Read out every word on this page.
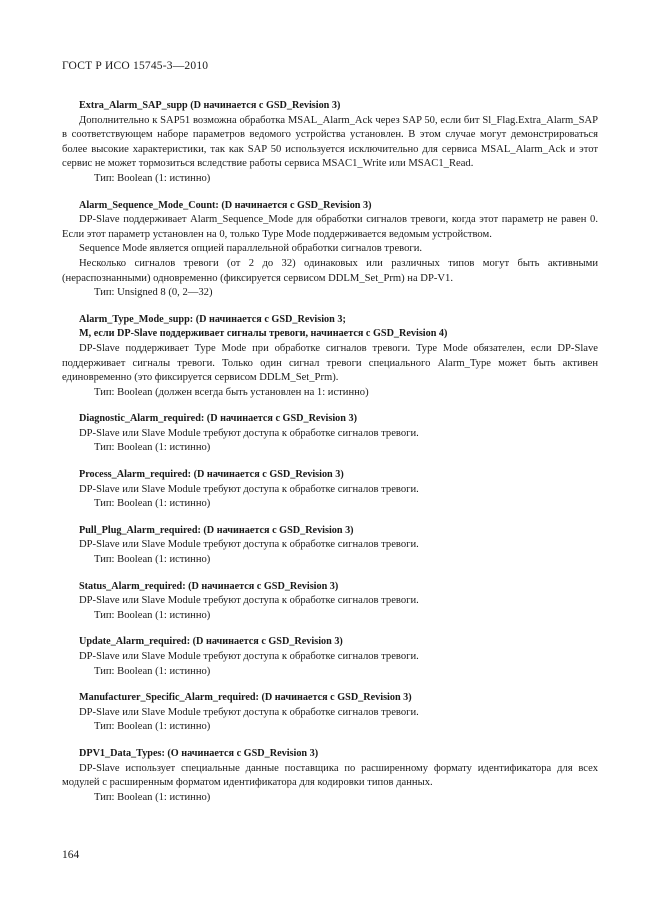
ГОСТ Р ИСО 15745-3—2010
Extra_Alarm_SAP_supp (D начинается с GSD_Revision 3)
Дополнительно к SAP51 возможна обработка MSAL_Alarm_Ack через SAP 50, если бит Sl_Flag.Extra_Alarm_SAP в соответствующем наборе параметров ведомого устройства установлен. В этом случае могут демонстрироваться более высокие характеристики, так как SAP 50 используется исключительно для сервиса MSAL_Alarm_Ack и этот сервис не может тормозиться вследствие работы сервиса MSAC1_Write или MSAC1_Read.
Тип: Boolean (1: истинно)
Alarm_Sequence_Mode_Count: (D начинается с GSD_Revision 3)
DP-Slave поддерживает Alarm_Sequence_Mode для обработки сигналов тревоги, когда этот параметр не равен 0. Если этот параметр установлен на 0, только Type Mode поддерживается ведомым устройством.
Sequence Mode является опцией параллельной обработки сигналов тревоги.
Несколько сигналов тревоги (от 2 до 32) одинаковых или различных типов могут быть активными (нераспознанными) одновременно (фиксируется сервисом DDLM_Set_Prm) на DP-V1.
Тип: Unsigned 8 (0, 2—32)
Alarm_Type_Mode_supp: (D начинается с GSD_Revision 3;
M, если DP-Slave поддерживает сигналы тревоги, начинается с GSD_Revision 4)
DP-Slave поддерживает Type Mode при обработке сигналов тревоги. Type Mode обязателен, если DP-Slave поддерживает сигналы тревоги. Только один сигнал тревоги специального Alarm_Type может быть активен единовременно (это фиксируется сервисом DDLM_Set_Prm).
Тип: Boolean (должен всегда быть установлен на 1: истинно)
Diagnostic_Alarm_required: (D начинается с GSD_Revision 3)
DP-Slave или Slave Module требуют доступа к обработке сигналов тревоги.
Тип: Boolean (1: истинно)
Process_Alarm_required: (D начинается с GSD_Revision 3)
DP-Slave или Slave Module требуют доступа к обработке сигналов тревоги.
Тип: Boolean (1: истинно)
Pull_Plug_Alarm_required: (D начинается с GSD_Revision 3)
DP-Slave или Slave Module требуют доступа к обработке сигналов тревоги.
Тип: Boolean (1: истинно)
Status_Alarm_required: (D начинается с GSD_Revision 3)
DP-Slave или Slave Module требуют доступа к обработке сигналов тревоги.
Тип: Boolean (1: истинно)
Update_Alarm_required: (D начинается с GSD_Revision 3)
DP-Slave или Slave Module требуют доступа к обработке сигналов тревоги.
Тип: Boolean (1: истинно)
Manufacturer_Specific_Alarm_required: (D начинается с GSD_Revision 3)
DP-Slave или Slave Module требуют доступа к обработке сигналов тревоги.
Тип: Boolean (1: истинно)
DPV1_Data_Types: (O начинается с GSD_Revision 3)
DP-Slave использует специальные данные поставщика по расширенному формату идентификатора для всех модулей с расширенным форматом идентификатора для кодировки типов данных.
Тип: Boolean (1: истинно)
164
